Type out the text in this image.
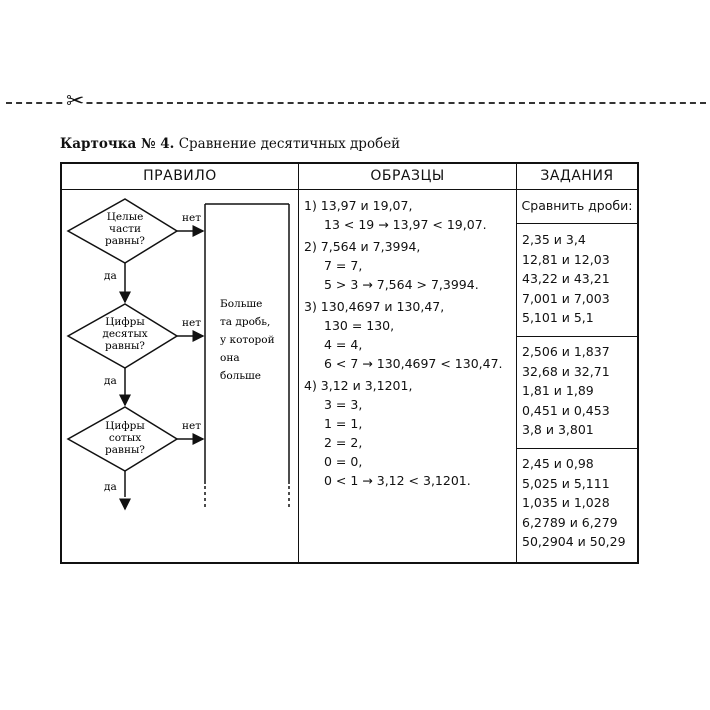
✂
Карточка № 4. Сравнение десятичных дробей
ПРАВИЛО	ОБРАЗЦЫ	ЗАДАНИЯ
Целые
части
равны?
Цифры
десятых
равны?
Цифры
сотых
равны?
да
да
да
нет
нет
нет
Больше
та дробь,
у которой
она
больше
1) 13,97 и 19,07,
13 < 19 → 13,97 < 19,07.
2) 7,564 и 7,3994,
7 = 7,
5 > 3 → 7,564 > 7,3994.
3) 130,4697 и 130,47,
130 = 130,
4 = 4,
6 < 7 → 130,4697 < 130,47.
4) 3,12 и 3,1201,
3 = 3,
1 = 1,
2 = 2,
0 = 0,
0 < 1 → 3,12 < 3,1201.
Сравнить дроби:
2,35 и 3,4
12,81 и 12,03
43,22 и 43,21
7,001 и 7,003
5,101 и 5,1
2,506 и 1,837
32,68 и 32,71
1,81 и 1,89
0,451 и 0,453
3,8 и 3,801
2,45 и 0,98
5,025 и 5,111
1,035 и 1,028
6,2789 и 6,279
50,2904 и 50,29
